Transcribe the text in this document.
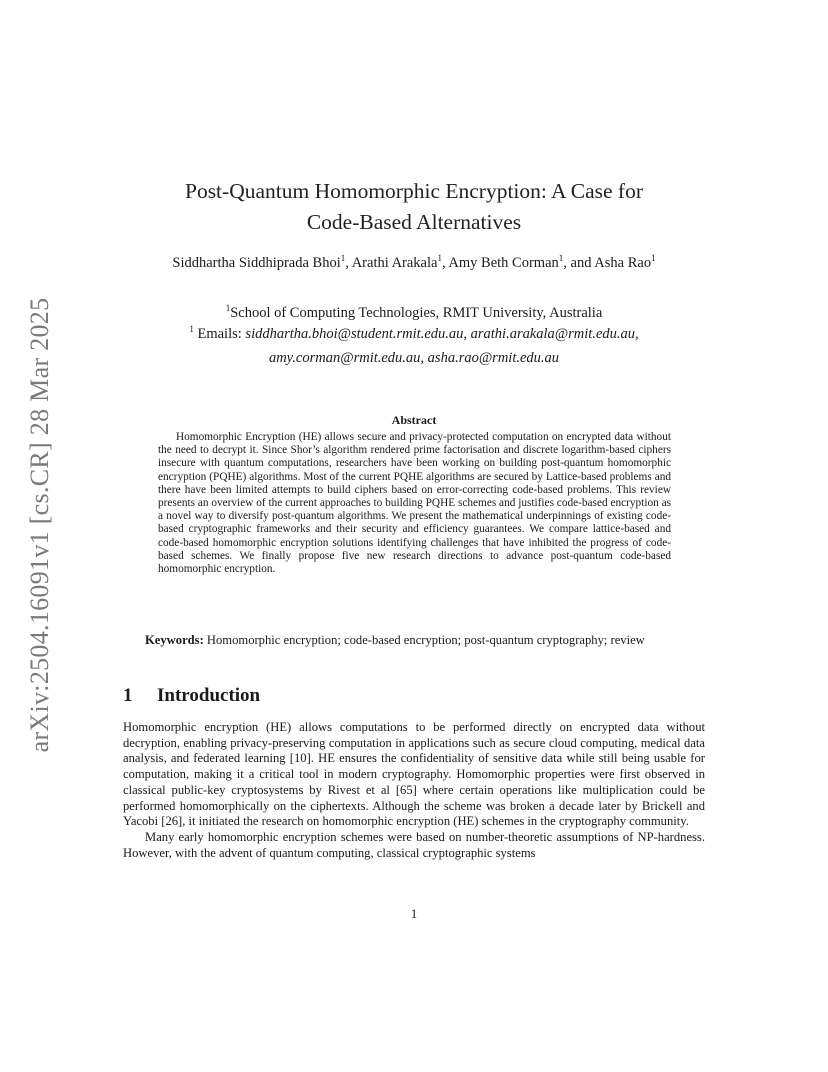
arXiv:2504.16091v1 [cs.CR] 28 Mar 2025
Post-Quantum Homomorphic Encryption: A Case for
Code-Based Alternatives
Siddhartha Siddhiprada Bhoi$^1$, Arathi Arakala$^1$, Amy Beth Corman$^1$, and Asha Rao$^1$
$^1$School of Computing Technologies, RMIT University, Australia
$^1$ Emails: siddhartha.bhoi@student.rmit.edu.au, arathi.arakala@rmit.edu.au,
amy.corman@rmit.edu.au, asha.rao@rmit.edu.au
Abstract
Homomorphic Encryption (HE) allows secure and privacy-protected computation on encrypted data without the need to decrypt it. Since Shor’s algorithm rendered prime factorisation and discrete logarithm-based ciphers insecure with quantum computations, researchers have been working on building post-quantum homomorphic encryption (PQHE) algorithms. Most of the current PQHE algorithms are secured by Lattice-based problems and there have been limited attempts to build ciphers based on error-correcting code-based problems. This review presents an overview of the current approaches to building PQHE schemes and justifies code-based encryption as a novel way to diversify post-quantum algorithms. We present the mathematical underpinnings of existing code-based cryptographic frameworks and their security and efficiency guarantees. We compare lattice-based and code-based homomorphic encryption solutions identifying challenges that have inhibited the progress of code-based schemes. We finally propose five new research directions to advance post-quantum code-based homomorphic encryption.
Keywords: Homomorphic encryption; code-based encryption; post-quantum cryptography; review
1 Introduction

Homomorphic encryption (HE) allows computations to be performed directly on encrypted data without decryption, enabling privacy-preserving computation in applications such as secure cloud computing, medical data analysis, and federated learning [10]. HE ensures the confidentiality of sensitive data while still being usable for computation, making it a critical tool in modern cryptography. Homomorphic properties were first observed in classical public-key cryptosystems by Rivest et al [65] where certain operations like multiplication could be performed homomorphically on the ciphertexts. Although the scheme was broken a decade later by Brickell and Yacobi [26], it initiated the research on homomorphic encryption (HE) schemes in the cryptography community.

Many early homomorphic encryption schemes were based on number-theoretic assumptions of NP-hardness. However, with the advent of quantum computing, classical cryptographic systems

1
